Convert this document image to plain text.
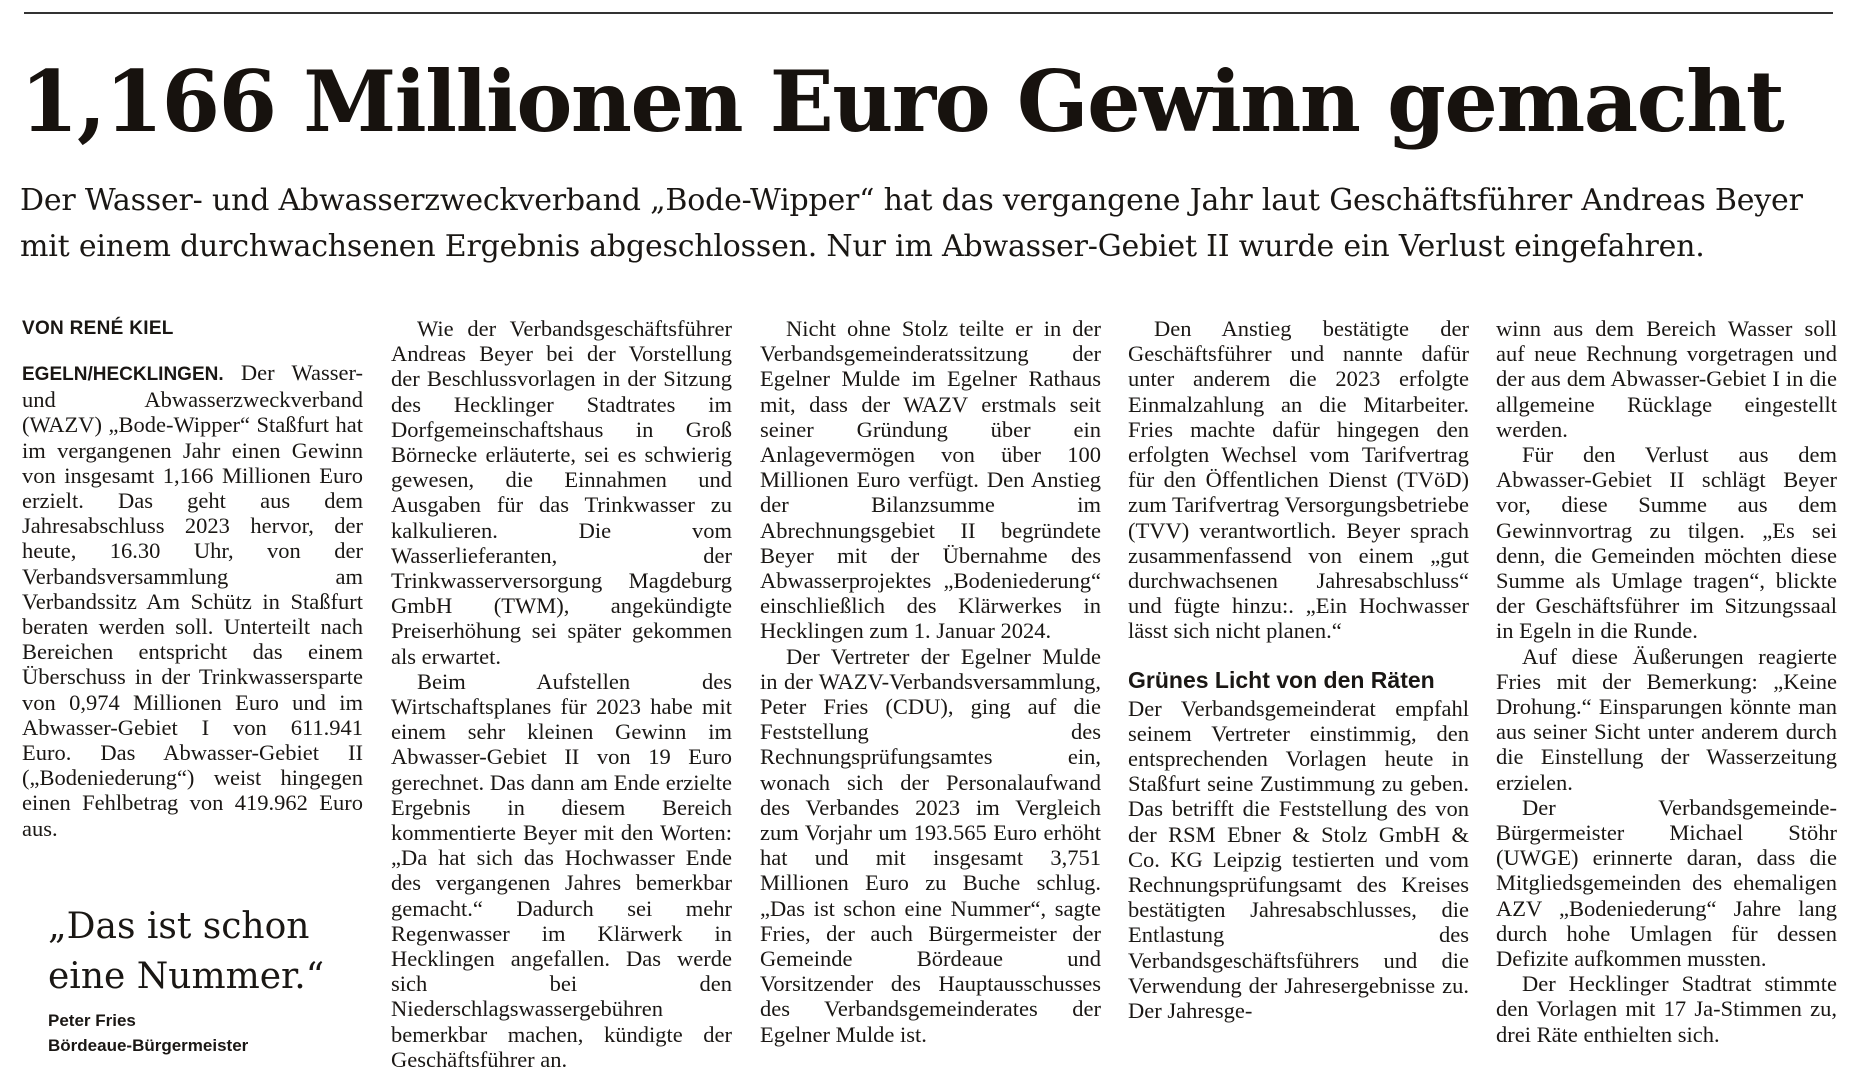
1,166 Millionen Euro Gewinn gemacht

Der Wasser- und Abwasserzweckverband „Bode-Wipper“ hat das vergangene Jahr laut Geschäftsführer Andreas Beyer mit einem durchwachsenen Ergebnis abgeschlossen. Nur im Abwasser-Gebiet II wurde ein Verlust eingefahren.

VON RENÉ KIEL

EGELN/HECKLINGEN. Der Wasser- und Abwasserzweckverband (WAZV) „Bode-Wipper“ Staßfurt hat im vergangenen Jahr einen Gewinn von insgesamt 1,166 Millionen Euro erzielt. Das geht aus dem Jahresabschluss 2023 hervor, der heute, 16.30 Uhr, von der Verbandsversammlung am Verbandssitz Am Schütz in Staßfurt beraten werden soll. Unterteilt nach Bereichen entspricht das einem Überschuss in der Trinkwassersparte von 0,974 Millionen Euro und im Abwasser-Gebiet I von 611.941 Euro. Das Abwasser-Gebiet II („Bodeniederung“) weist hingegen einen Fehlbetrag von 419.962 Euro aus.

„Das ist schon eine Nummer.“
Peter Fries
Bördeaue-Bürgermeister

Wie der Verbandsgeschäftsführer Andreas Beyer bei der Vorstellung der Beschlussvorlagen in der Sitzung des Hecklinger Stadtrates im Dorfgemeinschaftshaus in Groß Börnecke erläuterte, sei es schwierig gewesen, die Einnahmen und Ausgaben für das Trinkwasser zu kalkulieren. Die vom Wasserlieferanten, der Trinkwasserversorgung Magdeburg GmbH (TWM), angekündigte Preiserhöhung sei später gekommen als erwartet.

Beim Aufstellen des Wirtschaftsplanes für 2023 habe mit einem sehr kleinen Gewinn im Abwasser-Gebiet II von 19 Euro gerechnet. Das dann am Ende erzielte Ergebnis in diesem Bereich kommentierte Beyer mit den Worten: „Da hat sich das Hochwasser Ende des vergangenen Jahres bemerkbar gemacht.“ Dadurch sei mehr Regenwasser im Klärwerk in Hecklingen angefallen. Das werde sich bei den Niederschlagswassergebühren bemerkbar machen, kündigte der Geschäftsführer an.

Nicht ohne Stolz teilte er in der Verbandsgemeinderatssitzung der Egelner Mulde im Egelner Rathaus mit, dass der WAZV erstmals seit seiner Gründung über ein Anlagevermögen von über 100 Millionen Euro verfügt. Den Anstieg der Bilanzsumme im Abrechnungsgebiet II begründete Beyer mit der Übernahme des Abwasserprojektes „Bodeniederung“ einschließlich des Klärwerkes in Hecklingen zum 1. Januar 2024.

Der Vertreter der Egelner Mulde in der WAZV-Verbandsversammlung, Peter Fries (CDU), ging auf die Feststellung des Rechnungsprüfungsamtes ein, wonach sich der Personalaufwand des Verbandes 2023 im Vergleich zum Vorjahr um 193.565 Euro erhöht hat und mit insgesamt 3,751 Millionen Euro zu Buche schlug. „Das ist schon eine Nummer“, sagte Fries, der auch Bürgermeister der Gemeinde Bördeaue und Vorsitzender des Hauptausschusses des Verbandsgemeinderates der Egelner Mulde ist.

Den Anstieg bestätigte der Geschäftsführer und nannte dafür unter anderem die 2023 erfolgte Einmalzahlung an die Mitarbeiter. Fries machte dafür hingegen den erfolgten Wechsel vom Tarifvertrag für den Öffentlichen Dienst (TVöD) zum Tarifvertrag Versorgungsbetriebe (TVV) verantwortlich. Beyer sprach zusammenfassend von einem „gut durchwachsenen Jahresabschluss“ und fügte hinzu:. „Ein Hochwasser lässt sich nicht planen.“

Grünes Licht von den Räten

Der Verbandsgemeinderat empfahl seinem Vertreter einstimmig, den entsprechenden Vorlagen heute in Staßfurt seine Zustimmung zu geben. Das betrifft die Feststellung des von der RSM Ebner & Stolz GmbH & Co. KG Leipzig testierten und vom Rechnungsprüfungsamt des Kreises bestätigten Jahresabschlusses, die Entlastung des Verbandsgeschäftsführers und die Verwendung der Jahresergebnisse zu. Der Jahresge-

winn aus dem Bereich Wasser soll auf neue Rechnung vorgetragen und der aus dem Abwasser-Gebiet I in die allgemeine Rücklage eingestellt werden.

Für den Verlust aus dem Abwasser-Gebiet II schlägt Beyer vor, diese Summe aus dem Gewinnvortrag zu tilgen. „Es sei denn, die Gemeinden möchten diese Summe als Umlage tragen“, blickte der Geschäftsführer im Sitzungssaal in Egeln in die Runde.

Auf diese Äußerungen reagierte Fries mit der Bemerkung: „Keine Drohung.“ Einsparungen könnte man aus seiner Sicht unter anderem durch die Einstellung der Wasserzeitung erzielen.

Der Verbandsgemeinde-Bürgermeister Michael Stöhr (UWGE) erinnerte daran, dass die Mitgliedsgemeinden des ehemaligen AZV „Bodeniederung“ Jahre lang durch hohe Umlagen für dessen Defizite aufkommen mussten.

Der Hecklinger Stadtrat stimmte den Vorlagen mit 17 Ja-Stimmen zu, drei Räte enthielten sich.
